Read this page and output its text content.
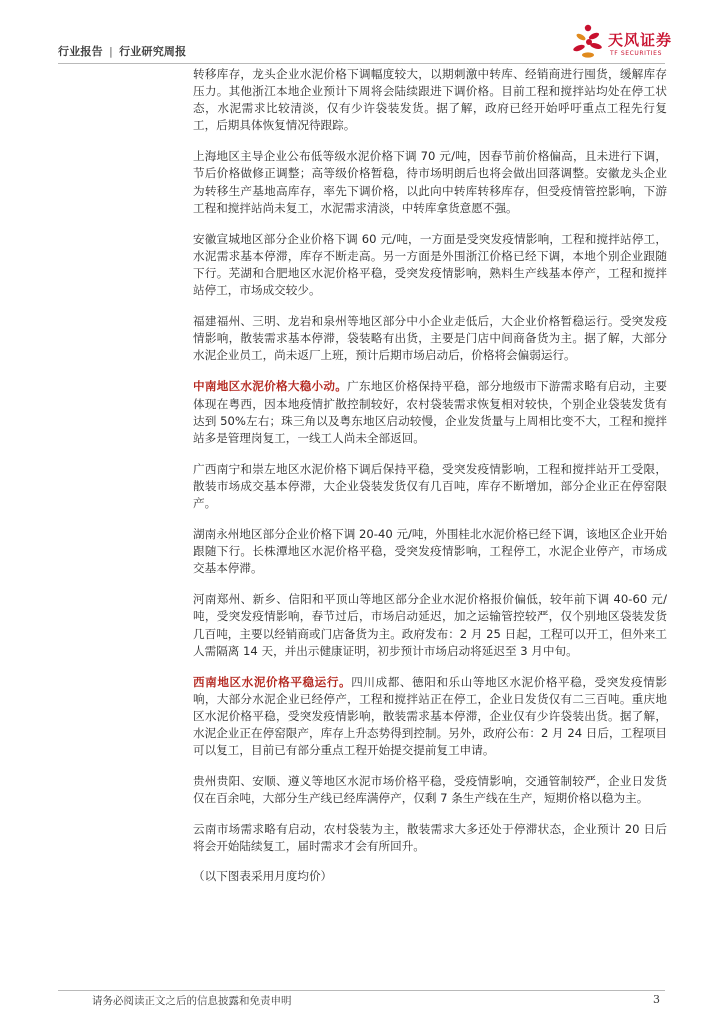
行业报告 | 行业研究周报
天风证券
TF SECURITIES

转移库存，龙头企业水泥价格下调幅度较大，以期刺激中转库、经销商进行囤货，缓解库存压力。其他浙江本地企业预计下周将会陆续跟进下调价格。目前工程和搅拌站均处在停工状态，水泥需求比较清淡，仅有少许袋装发货。据了解，政府已经开始呼吁重点工程先行复工，后期具体恢复情况待跟踪。

上海地区主导企业公布低等级水泥价格下调 70 元/吨，因春节前价格偏高，且未进行下调，节后价格做修正调整；高等级价格暂稳，待市场明朗后也将会做出回落调整。安徽龙头企业为转移生产基地高库存，率先下调价格，以此向中转库转移库存，但受疫情管控影响，下游工程和搅拌站尚未复工，水泥需求清淡，中转库拿货意愿不强。

安徽宣城地区部分企业价格下调 60 元/吨，一方面是受突发疫情影响，工程和搅拌站停工，水泥需求基本停滞，库存不断走高。另一方面是外围浙江价格已经下调，本地个别企业跟随下行。芜湖和合肥地区水泥价格平稳，受突发疫情影响，熟料生产线基本停产，工程和搅拌站停工，市场成交较少。

福建福州、三明、龙岩和泉州等地区部分中小企业走低后，大企业价格暂稳运行。受突发疫情影响，散装需求基本停滞，袋装略有出货，主要是门店中间商备货为主。据了解，大部分水泥企业员工，尚未返厂上班，预计后期市场启动后，价格将会偏弱运行。

中南地区水泥价格大稳小动。广东地区价格保持平稳，部分地级市下游需求略有启动，主要体现在粤西，因本地疫情扩散控制较好，农村袋装需求恢复相对较快，个别企业袋装发货有达到 50%左右；珠三角以及粤东地区启动较慢，企业发货量与上周相比变不大，工程和搅拌站多是管理岗复工，一线工人尚未全部返回。

广西南宁和崇左地区水泥价格下调后保持平稳，受突发疫情影响，工程和搅拌站开工受限，散装市场成交基本停滞，大企业袋装发货仅有几百吨，库存不断增加，部分企业正在停窑限产。

湖南永州地区部分企业价格下调 20-40 元/吨，外围桂北水泥价格已经下调，该地区企业开始跟随下行。长株潭地区水泥价格平稳，受突发疫情影响，工程停工，水泥企业停产，市场成交基本停滞。

河南郑州、新乡、信阳和平顶山等地区部分企业水泥价格报价偏低，较年前下调 40-60 元/吨，受突发疫情影响，春节过后，市场启动延迟，加之运输管控较严，仅个别地区袋装发货几百吨，主要以经销商或门店备货为主。政府发布：2 月 25 日起，工程可以开工，但外来工人需隔离 14 天，并出示健康证明，初步预计市场启动将延迟至 3 月中旬。

西南地区水泥价格平稳运行。四川成都、德阳和乐山等地区水泥价格平稳，受突发疫情影响，大部分水泥企业已经停产，工程和搅拌站正在停工，企业日发货仅有二三百吨。重庆地区水泥价格平稳，受突发疫情影响，散装需求基本停滞，企业仅有少许袋装出货。据了解，水泥企业正在停窑限产，库存上升态势得到控制。另外，政府公布：2 月 24 日后，工程项目可以复工，目前已有部分重点工程开始提交提前复工申请。

贵州贵阳、安顺、遵义等地区水泥市场价格平稳，受疫情影响，交通管制较严，企业日发货仅在百余吨，大部分生产线已经库满停产，仅剩 7 条生产线在生产，短期价格以稳为主。

云南市场需求略有启动，农村袋装为主，散装需求大多还处于停滞状态，企业预计 20 日后将会开始陆续复工，届时需求才会有所回升。

（以下图表采用月度均价）

请务必阅读正文之后的信息披露和免责申明	3
